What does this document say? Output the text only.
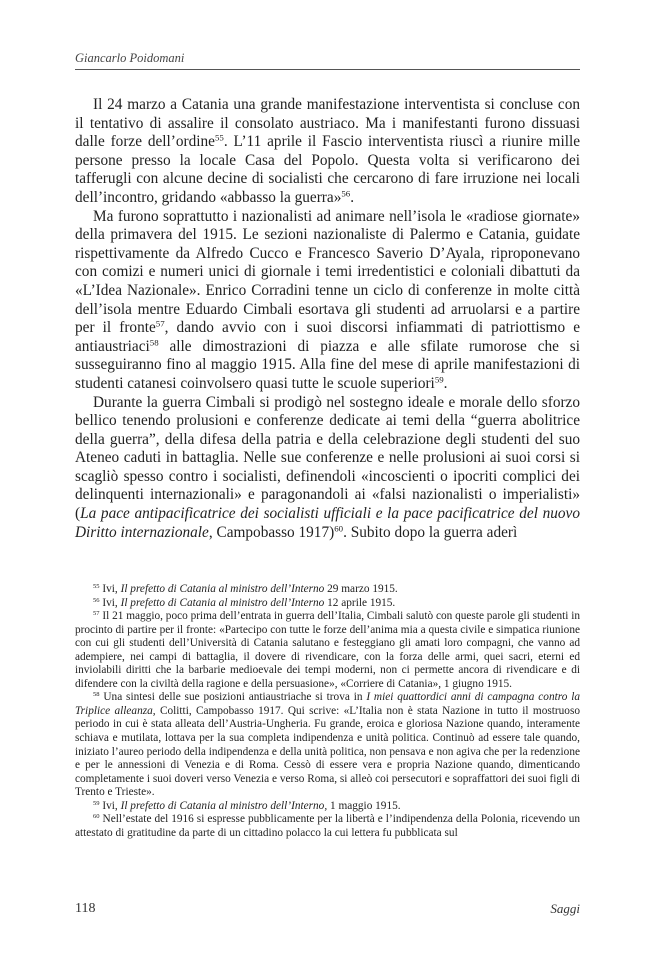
Giancarlo Poidomani

Il 24 marzo a Catania una grande manifestazione interventista si concluse con il tentativo di assalire il consolato austriaco. Ma i manifestanti furono dissuasi dalle forze dell’ordine$^{55}$. L’11 aprile il Fascio interventista riuscì a riunire mille persone presso la locale Casa del Popolo. Questa volta si verificarono dei tafferugli con alcune decine di socialisti che cercarono di fare irruzione nei locali dell’incontro, gridando «abbasso la guerra»$^{56}$.

Ma furono soprattutto i nazionalisti ad animare nell’isola le «radiose giornate» della primavera del 1915. Le sezioni nazionaliste di Palermo e Catania, guidate rispettivamente da Alfredo Cucco e Francesco Saverio D’Ayala, riproponevano con comizi e numeri unici di giornale i temi irredentistici e coloniali dibattuti da «L’Idea Nazionale». Enrico Corradini tenne un ciclo di conferenze in molte città dell’isola mentre Eduardo Cimbali esortava gli studenti ad arruolarsi e a partire per il fronte$^{57}$, dando avvio con i suoi discorsi infiammati di patriottismo e antiaustriaci$^{58}$ alle dimostrazioni di piazza e alle sfilate rumorose che si susseguiranno fino al maggio 1915. Alla fine del mese di aprile manifestazioni di studenti catanesi coinvolsero quasi tutte le scuole superiori$^{59}$.

Durante la guerra Cimbali si prodigò nel sostegno ideale e morale dello sforzo bellico tenendo prolusioni e conferenze dedicate ai temi della “guerra abolitrice della guerra”, della difesa della patria e della celebrazione degli studenti del suo Ateneo caduti in battaglia. Nelle sue conferenze e nelle prolusioni ai suoi corsi si scagliò spesso contro i socialisti, definendoli «incoscienti o ipocriti complici dei delinquenti internazionali» e paragonandoli ai «falsi nazionalisti o imperialisti» (La pace antipacificatrice dei socialisti ufficiali e la pace pacificatrice del nuovo Diritto internazionale, Campobasso 1917)$^{60}$. Subito dopo la guerra aderì

$^{55}$ Ivi, Il prefetto di Catania al ministro dell’Interno 29 marzo 1915.

$^{56}$ Ivi, Il prefetto di Catania al ministro dell’Interno 12 aprile 1915.

$^{57}$ Il 21 maggio, poco prima dell’entrata in guerra dell’Italia, Cimbali salutò con queste parole gli studenti in procinto di partire per il fronte: «Partecipo con tutte le forze dell’anima mia a questa civile e simpatica riunione con cui gli studenti dell’Università di Catania salutano e festeggiano gli amati loro compagni, che vanno ad adempiere, nei campi di battaglia, il dovere di rivendicare, con la forza delle armi, quei sacri, eterni ed inviolabili diritti che la barbarie medioevale dei tempi moderni, non ci permette ancora di rivendicare e di difendere con la civiltà della ragione e della persuasione», «Corriere di Catania», 1 giugno 1915.

$^{58}$ Una sintesi delle sue posizioni antiaustriache si trova in I miei quattordici anni di campagna contro la Triplice alleanza, Colitti, Campobasso 1917. Qui scrive: «L’Italia non è stata Nazione in tutto il mostruoso periodo in cui è stata alleata dell’Austria-Ungheria. Fu grande, eroica e gloriosa Nazione quando, interamente schiava e mutilata, lottava per la sua completa indipendenza e unità politica. Continuò ad essere tale quando, iniziato l’aureo periodo della indipendenza e della unità politica, non pensava e non agiva che per la redenzione e per le annessioni di Venezia e di Roma. Cessò di essere vera e propria Nazione quando, dimenticando completamente i suoi doveri verso Venezia e verso Roma, si alleò coi persecutori e sopraffattori dei suoi figli di Trento e Trieste».

$^{59}$ Ivi, Il prefetto di Catania al ministro dell’Interno, 1 maggio 1915.

$^{60}$ Nell’estate del 1916 si espresse pubblicamente per la libertà e l’indipendenza della Polonia, ricevendo un attestato di gratitudine da parte di un cittadino polacco la cui lettera fu pubblicata sul

118	Saggi
